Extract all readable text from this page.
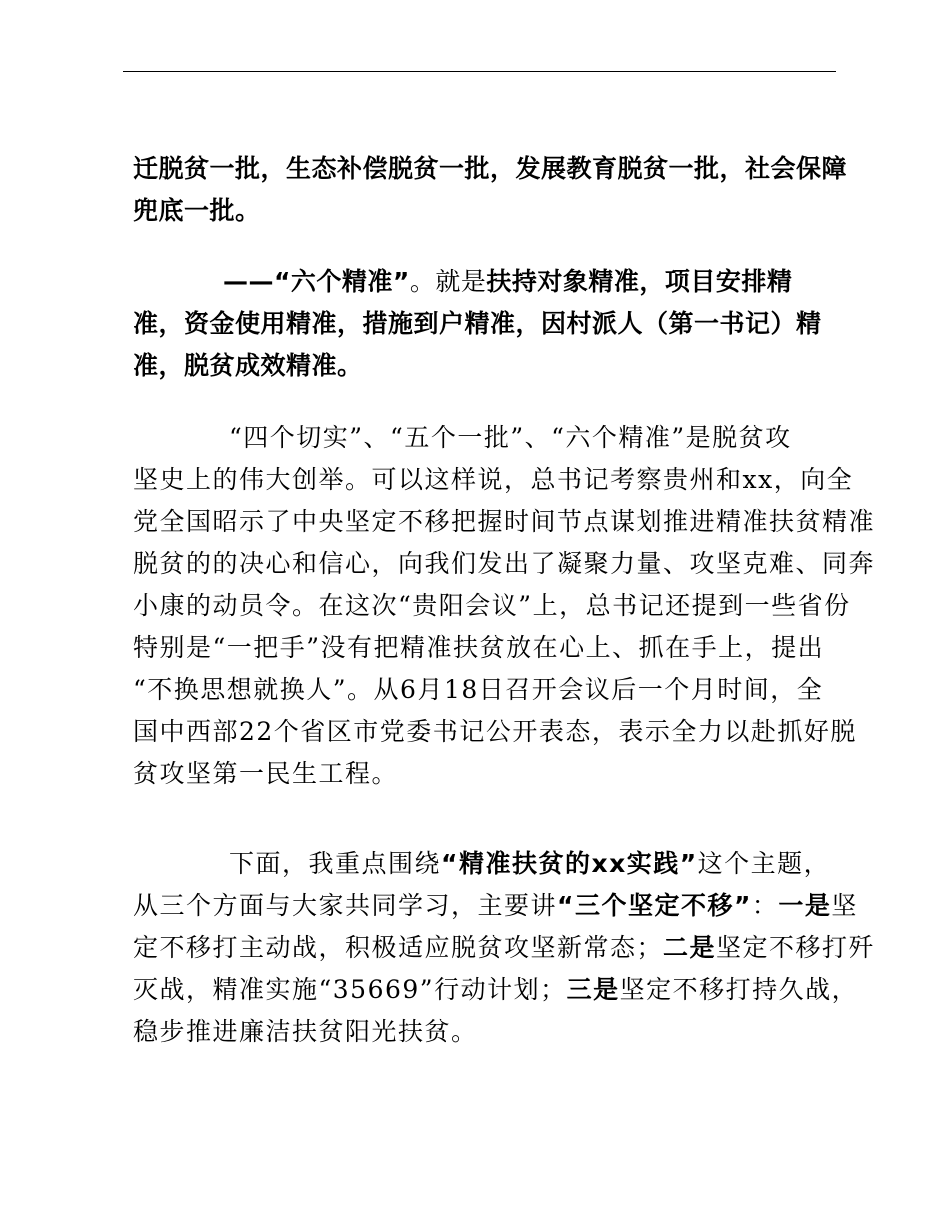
迁脱贫一批，生态补偿脱贫一批，发展教育脱贫一批，社会保障
兜底一批。
——“六个精准”。就是扶持对象精准，项目安排精
准，资金使用精准，措施到户精准，因村派人（第一书记）精
准，脱贫成效精准。
“四个切实”、“五个一批”、“六个精准”是脱贫攻
坚史上的伟大创举。可以这样说，总书记考察贵州和xx，向全
党全国昭示了中央坚定不移把握时间节点谋划推进精准扶贫精准
脱贫的的决心和信心，向我们发出了凝聚力量、攻坚克难、同奔
小康的动员令。在这次“贵阳会议”上，总书记还提到一些省份
特别是“一把手”没有把精准扶贫放在心上、抓在手上，提出
“不换思想就换人”。从6月18日召开会议后一个月时间，全
国中西部22个省区市党委书记公开表态，表示全力以赴抓好脱
贫攻坚第一民生工程。
下面，我重点围绕“精准扶贫的xx实践”这个主题，
从三个方面与大家共同学习，主要讲“三个坚定不移”：一是坚
定不移打主动战，积极适应脱贫攻坚新常态；二是坚定不移打歼
灭战，精准实施“35669”行动计划；三是坚定不移打持久战，
稳步推进廉洁扶贫阳光扶贫。
